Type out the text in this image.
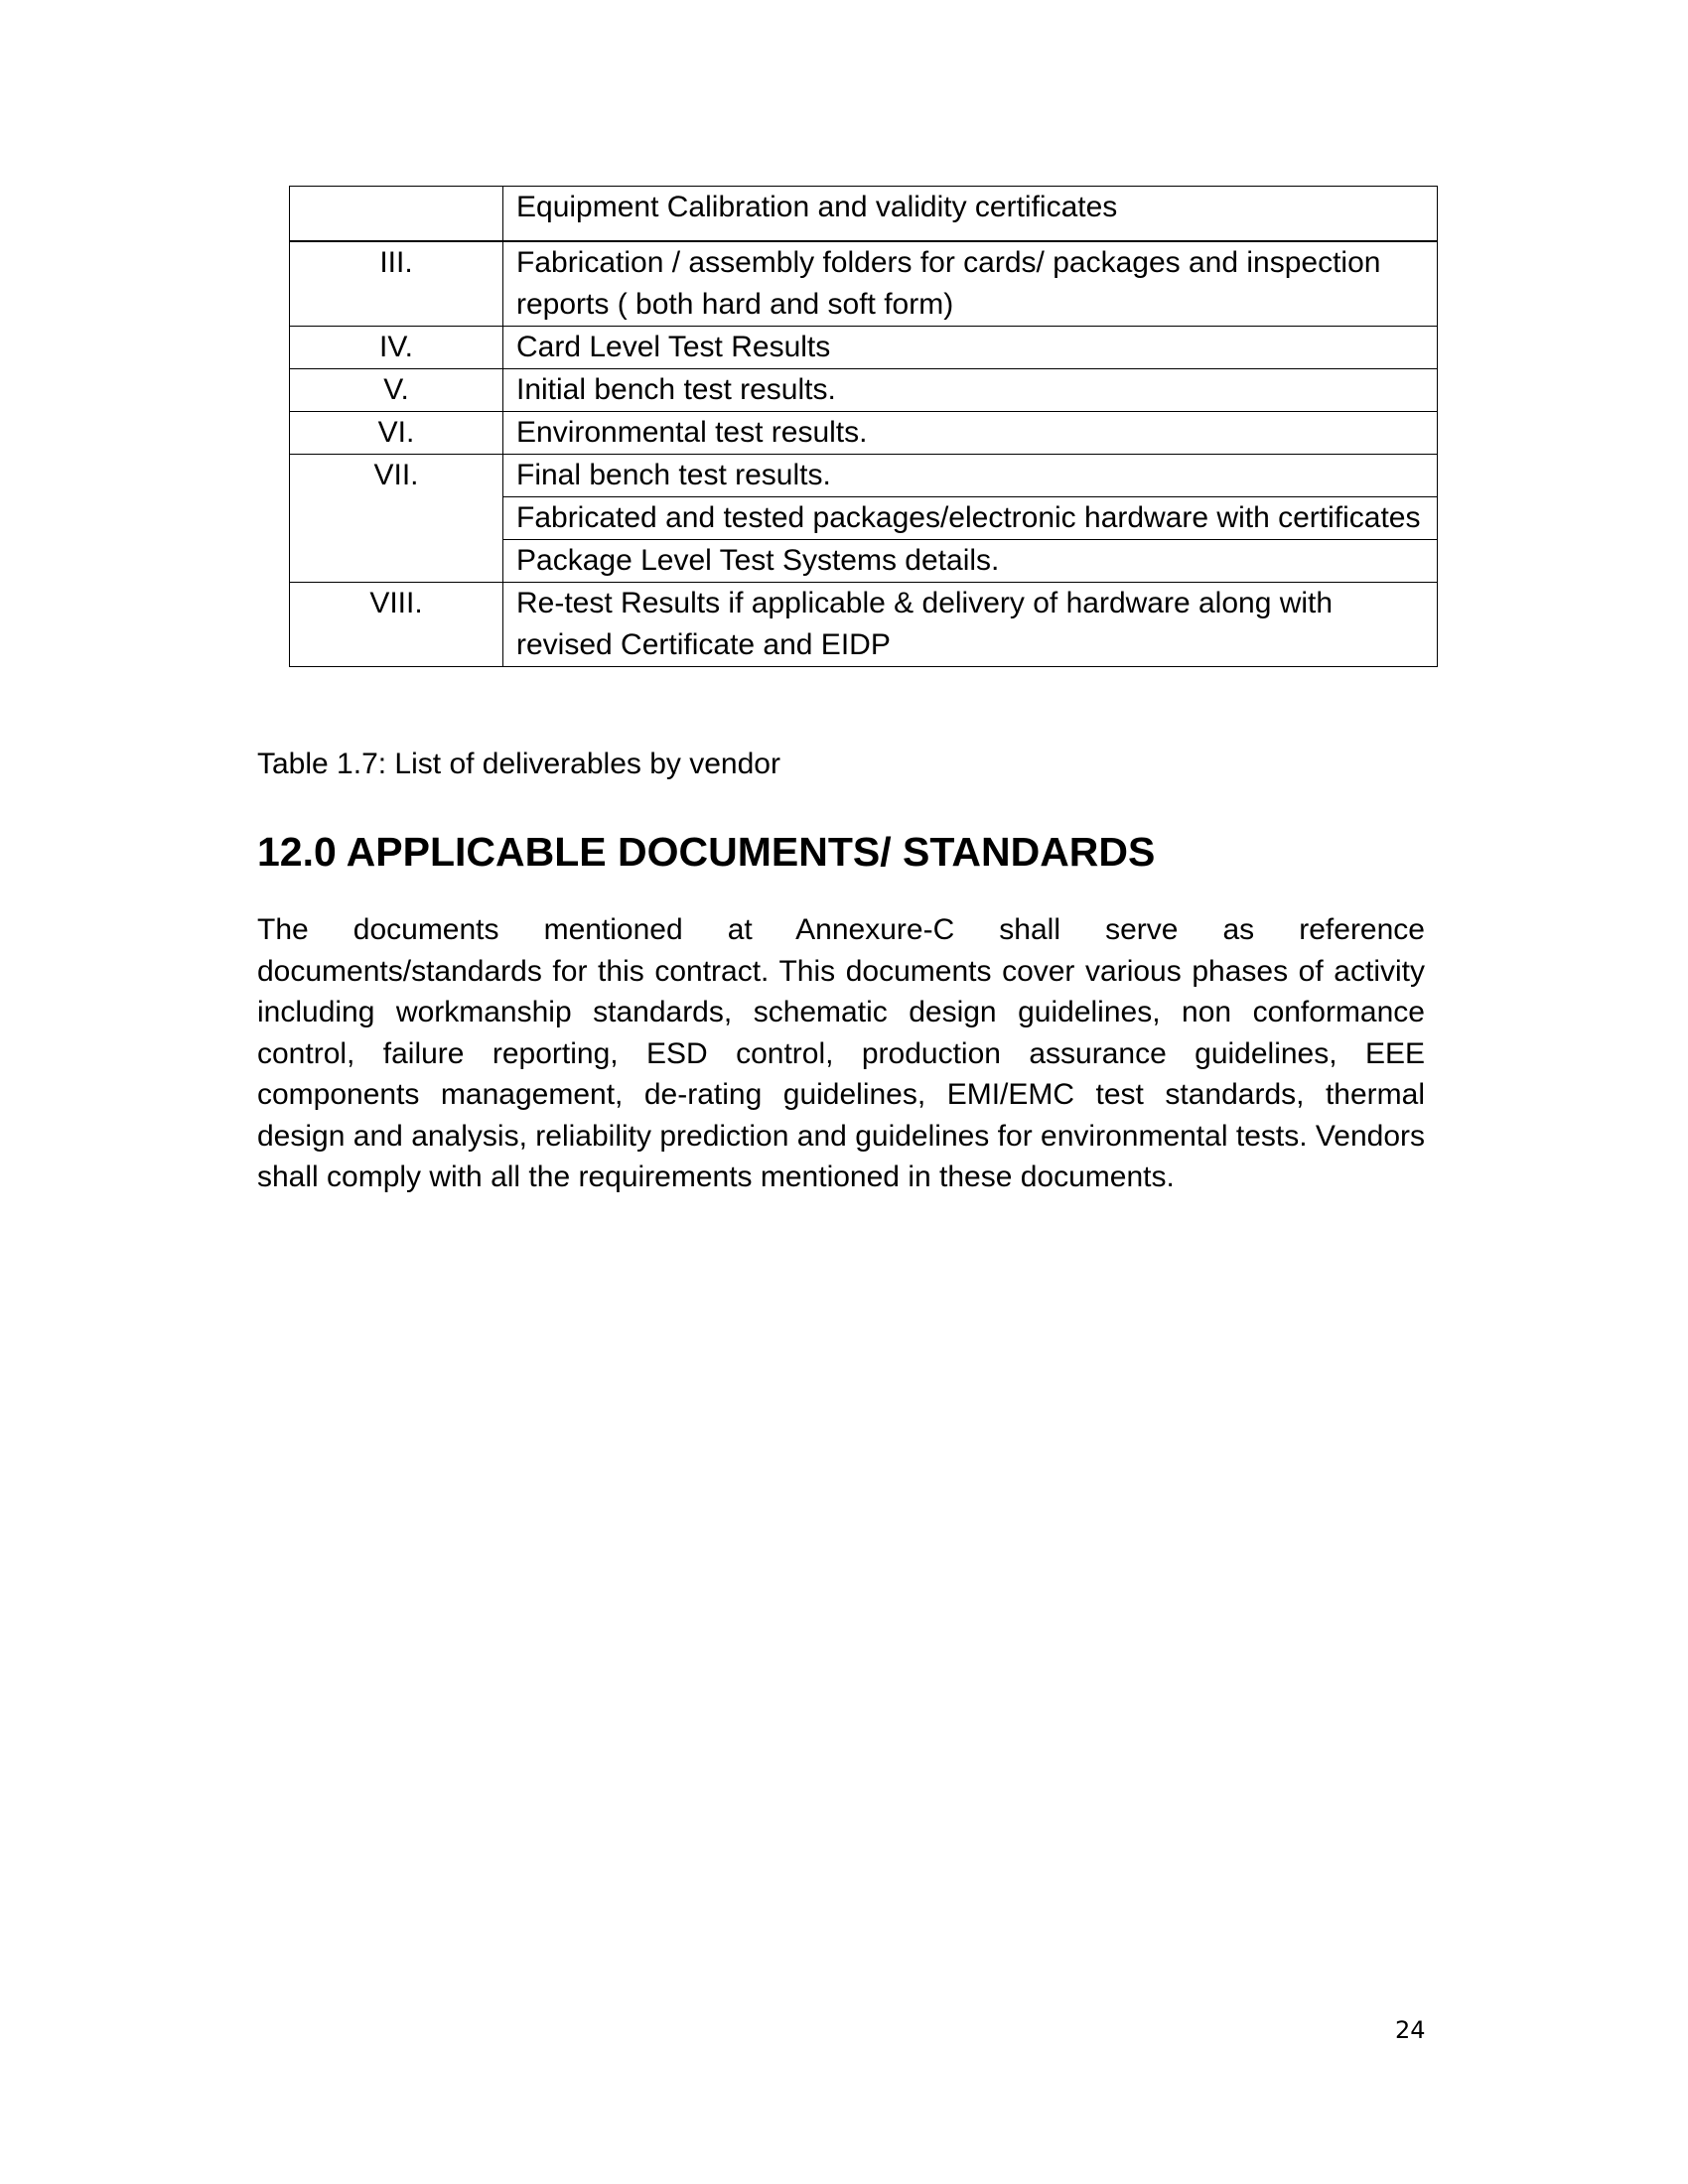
	Equipment Calibration and validity certificates
III.	Fabrication / assembly folders for cards/ packages and inspection reports ( both hard and soft form)
IV.	Card Level Test Results
V.	Initial bench test results.
VI.	Environmental test results.
VII.	Final bench test results.
	Fabricated and tested packages/electronic hardware with certificates
	Package Level Test Systems details.
VIII.	Re-test Results if applicable & delivery of hardware along with revised Certificate and EIDP

Table 1.7: List of deliverables by vendor

12.0 APPLICABLE DOCUMENTS/ STANDARDS

The documents mentioned at Annexure-C shall serve as reference documents/standards for this contract. This documents cover various phases of activity including workmanship standards, schematic design guidelines, non conformance control, failure reporting, ESD control, production assurance guidelines, EEE components management, de-rating guidelines, EMI/EMC test standards, thermal design and analysis, reliability prediction and guidelines for environmental tests. Vendors shall comply with all the requirements mentioned in these documents.

24
